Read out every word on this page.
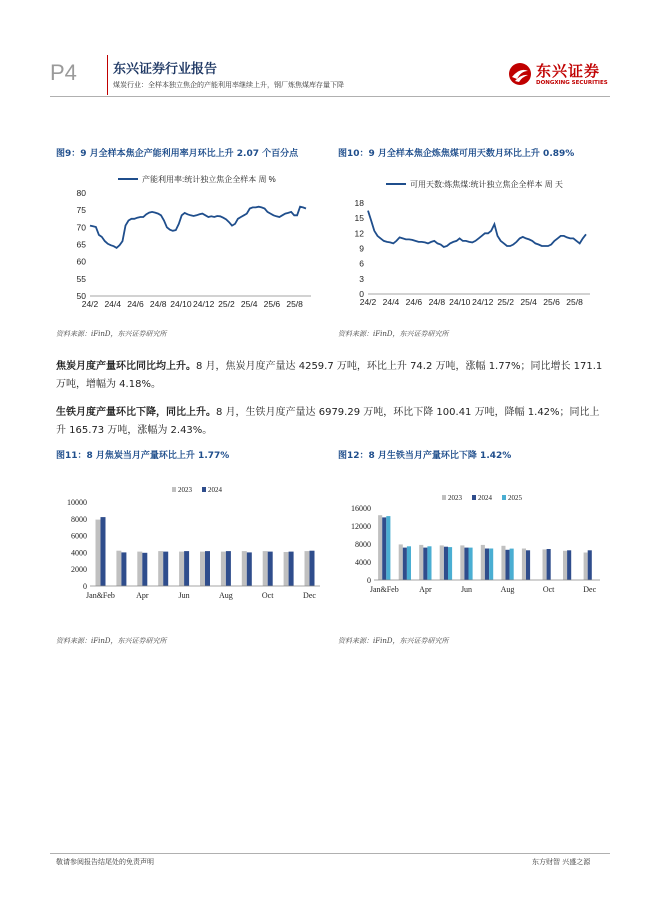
P4	东兴证券行业报告
煤炭行业：全样本独立焦企的产能利用率继续上升，钢厂炼焦煤库存量下降
东兴证券
DONGXING SECURITIES
图9：9 月全样本焦企产能利用率月环比上升 2.07 个百分点
产能利用率:统计独立焦企全样本 周 %
50
55
60
65
70
75
80
24/2 24/4 24/6 24/8 24/10 24/12 25/2 25/4 25/6 25/8
资料来源：iFinD，东兴证券研究所
图10：9 月全样本焦企炼焦煤可用天数月环比上升 0.89%
可用天数:炼焦煤:统计独立焦企全样本 周 天
0
3
6
9
12
15
18
24/2 24/4 24/6 24/8 24/10 24/12 25/2 25/4 25/6 25/8
资料来源：iFinD，东兴证券研究所
焦炭月度产量环比同比均上升。8 月，焦炭月度产量达 4259.7 万吨，环比上升 74.2 万吨，涨幅 1.77%；同比增长 171.1 万吨，增幅为 4.18%。
生铁月度产量环比下降，同比上升。8 月，生铁月度产量达 6979.29 万吨，环比下降 100.41 万吨，降幅 1.42%；同比上升 165.73 万吨，涨幅为 2.43%。
图11：8 月焦炭当月产量环比上升 1.77%
2023 2024
0
2000
4000
6000
8000
10000
Jan&Feb	Apr	Jun	Aug	Oct	Dec
资料来源：iFinD，东兴证券研究所
图12：8 月生铁当月产量环比下降 1.42%
2023 2024 2025
0
4000
8000
12000
16000
Jan&Feb	Apr	Jun	Aug	Oct	Dec
资料来源：iFinD，东兴证券研究所
敬请参阅报告结尾处的免责声明	东方财智 兴盛之源
